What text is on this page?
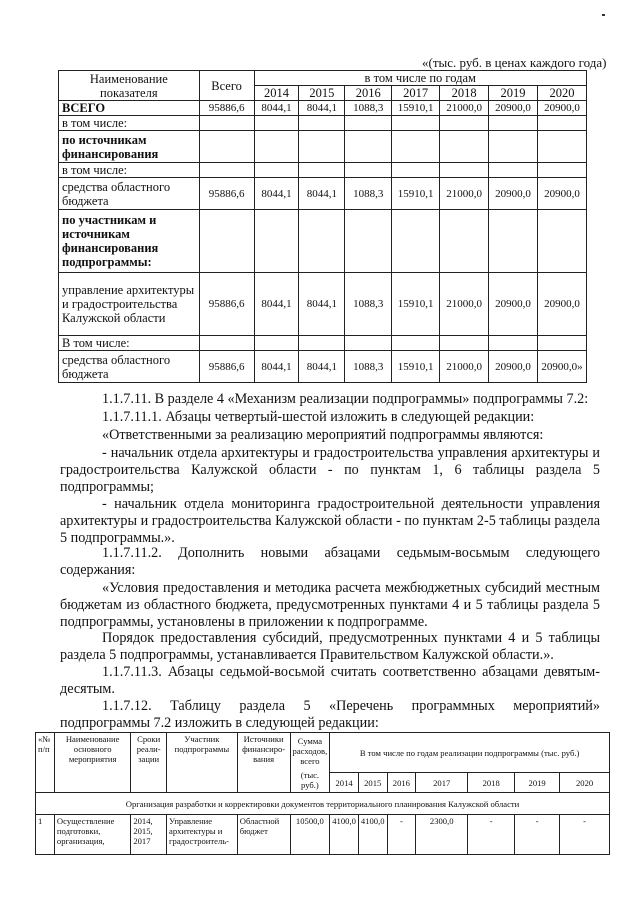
«(тыс. руб. в ценах каждого года)
Наименование показателя	Всего	в том числе по годам						
		2014	2015	2016	2017	2018	2019	2020
ВСЕГО	95886,6	8044,1	8044,1	1088,3	15910,1	21000,0	20900,0	20900,0
в том числе:								
по источникам финансирования								
в том числе:								
средства областного бюджета	95886,6	8044,1	8044,1	1088,3	15910,1	21000,0	20900,0	20900,0
по участникам и источникам финансирования подпрограммы:								
управление архитектуры и градостроительства Калужской области	95886,6	8044,1	8044,1	1088,3	15910,1	21000,0	20900,0	20900,0
В том числе:								
средства областного бюджета	95886,6	8044,1	8044,1	1088,3	15910,1	21000,0	20900,0	20900,0»
1.1.7.11. В разделе 4 «Механизм реализации подпрограммы» подпрограммы 7.2:
1.1.7.11.1. Абзацы четвертый-шестой изложить в следующей редакции:
«Ответственными за реализацию мероприятий подпрограммы являются:
- начальник отдела архитектуры и градостроительства управления архитектуры и градостроительства Калужской области - по пунктам 1, 6 таблицы раздела 5 подпрограммы;
- начальник отдела мониторинга градостроительной деятельности управления архитектуры и градостроительства Калужской области - по пунктам 2-5 таблицы раздела 5 подпрограммы.».
1.1.7.11.2. Дополнить новыми абзацами седьмым-восьмым следующего
содержания:
«Условия предоставления и методика расчета межбюджетных субсидий местным бюджетам из областного бюджета, предусмотренных пунктами 4 и 5 таблицы раздела 5 подпрограммы, установлены в приложении к подпрограмме.
Порядок предоставления субсидий, предусмотренных пунктами 4 и 5 таблицы раздела 5 подпрограммы, устанавливается Правительством Калужской области.».
1.1.7.11.3. Абзацы седьмой-восьмой считать соответственно абзацами девятым-десятым.
1.1.7.12. Таблицу раздела 5 «Перечень программных мероприятий» подпрограммы 7.2 изложить в следующей редакции:
«№ п/п	Наименование основного мероприятия	Сроки реали-зации	Участник подпрограммы	Источники финансиро-вания	Сумма расходов, всего
(тыс. руб.)	В том числе по годам реализации подпрограммы (тыс. руб.)						
						2014	2015	2016	2017	2018	2019	2020
Организация разработки и корректировки документов территориального планирования Калужской области												
1	Осуществление подготовки, организация,	2014, 2015, 2017	Управление архитектуры и градостроитель-	Областной бюджет	10500,0	4100,0	4100,0	-	2300,0	-	-	-
